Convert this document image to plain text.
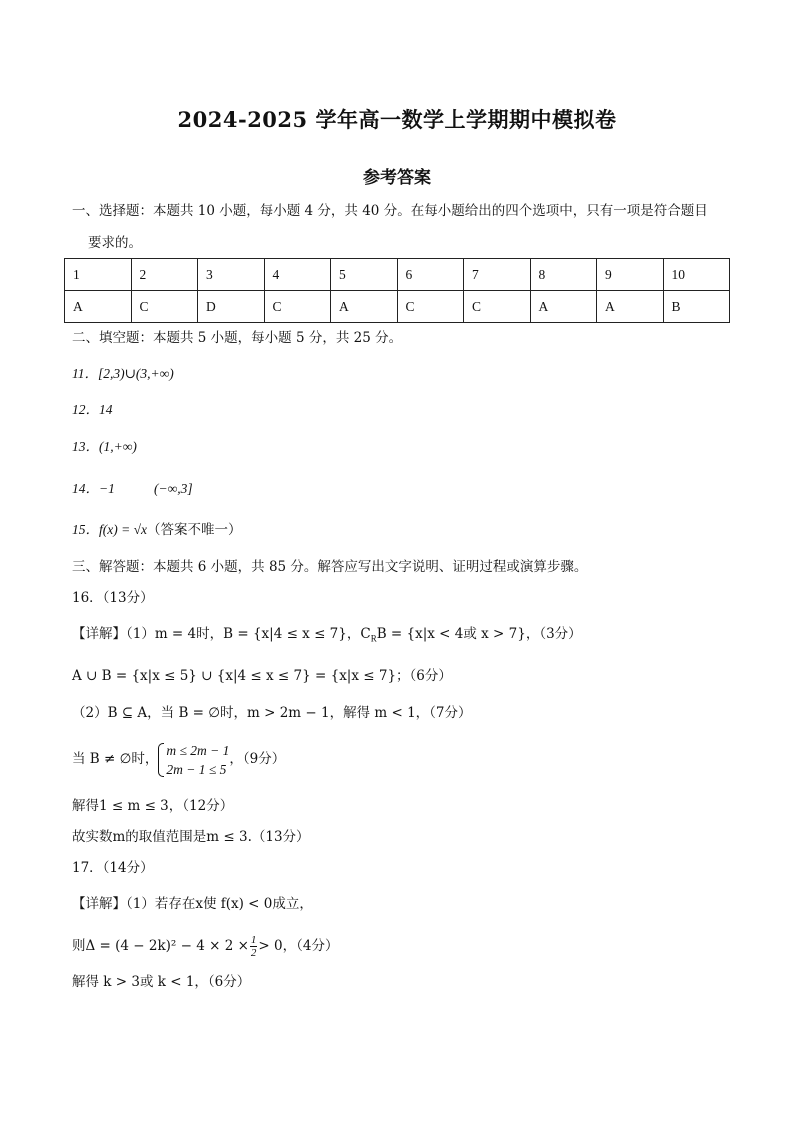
2024-2025 学年高一数学上学期期中模拟卷
参考答案
一、选择题：本题共 10 小题，每小题 4 分，共 40 分。在每小题给出的四个选项中，只有一项是符合题目
要求的。
1	2	3	4	5	6	7	8	9	10
A	C	D	C	A	C	C	A	A	B
二、填空题：本题共 5 小题，每小题 5 分，共 25 分。
11．[2,3)∪(3,+∞)
12．14
13．(1,+∞)
14．−1	(−∞,3]
15．f(x) = √x（答案不唯一）
三、解答题：本题共 6 小题，共 85 分。解答应写出文字说明、证明过程或演算步骤。
16．（13分）
【详解】（1）m = 4时，B = {x|4 ≤ x ≤ 7}，$C_RB = \{x|x < 4$或 x > 7}，（3分）
A ∪ B = {x|x ≤ 5} ∪ {x|4 ≤ x ≤ 7} = {x|x ≤ 7}；（6分）
（2）B ⊆ A，当 B = ∅时，m > 2m − 1，解得 m < 1，（7分）
当 B ≠ ∅时，
m ≤ 2m − 1
2m − 1 ≤ 5
，（9分）
解得1 ≤ m ≤ 3，（12分）
故实数m的取值范围是m ≤ 3.（13分）
17．（14分）
【详解】（1）若存在x使 f(x) < 0成立，
则$\Delta = (4 - 2k)^2 - 4 \times 2 \times \frac{1}{2} > 0$，（4分）
解得 k > 3或 k < 1，（6分）
